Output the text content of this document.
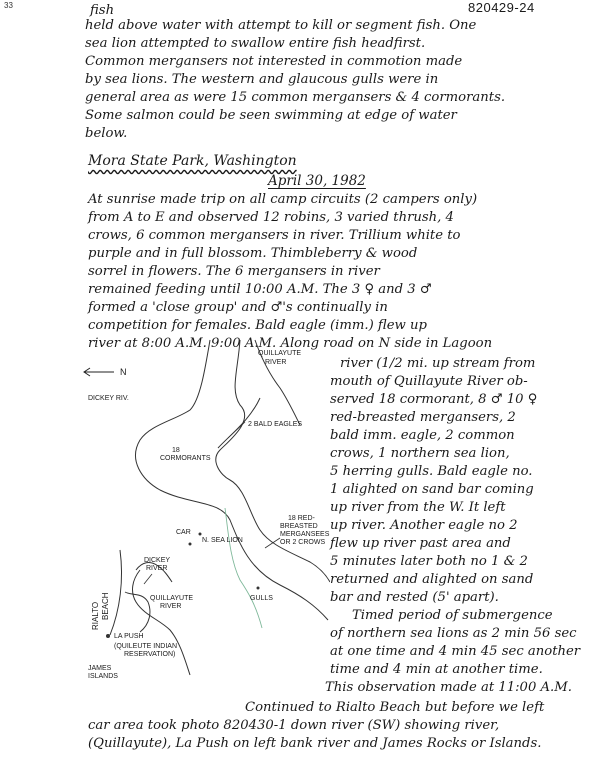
33	820429-24
fish
held above water with attempt to kill or segment fish. One
sea lion attempted to swallow entire fish headfirst.
Common mergansers not interested in commotion made
by sea lions. The western and glaucous gulls were in
general area as were 15 common mergansers & 4 cormorants.
Some salmon could be seen swimming at edge of water
below.
Mora State Park, Washington
April 30, 1982
At sunrise made trip on all camp circuits (2 campers only)
from A to E and observed 12 robins, 3 varied thrush, 4
crows, 6 common mergansers in river. Trillium white to
purple and in full blossom. Thimbleberry & wood
sorrel in flowers. The 6 mergansers in river
remained feeding until 10:00 A.M. The 3 ♀ and 3 ♂
formed a 'close group' and ♂'s continually in
competition for females. Bald eagle (imm.) flew up
river at 8:00 A.M. 9:00 A.M. Along road on N side in Lagoon
river (1/2 mi. up stream from
mouth of Quillayute River ob-
served 18 cormorant, 8 ♂ 10 ♀
red-breasted mergansers, 2
bald imm. eagle, 2 common
crows, 1 northern sea lion,
5 herring gulls. Bald eagle no.
1 alighted on sand bar coming
up river from the W. It left
up river. Another eagle no 2
flew up river past area and
5 minutes later both no 1 & 2
returned and alighted on sand
bar and rested (5' apart).
Timed period of submergence
of northern sea lions as 2 min 56 sec
at one time and 4 min 45 sec another
time and 4 min at another time.
This observation made at 11:00 A.M.
Continued to Rialto Beach but before we left
car area took photo 820430-1 down river (SW) showing river,
(Quillayute), La Push on left bank river and James Rocks or Islands.
N
DICKEY RIV.
QUILLAYUTE
RIVER
2 BALD EAGLES
18
CORMORANTS
18 RED-
BREASTED
MERGANSEES
OR 2 CROWS
CAR
N. SEA LION
GULLS
DICKEY
RIVER
RIALTO BEACH	QUILLAYUTE
RIVER
LA PUSH
(QUILEUTE INDIAN
RESERVATION)
JAMES
ISLANDS
